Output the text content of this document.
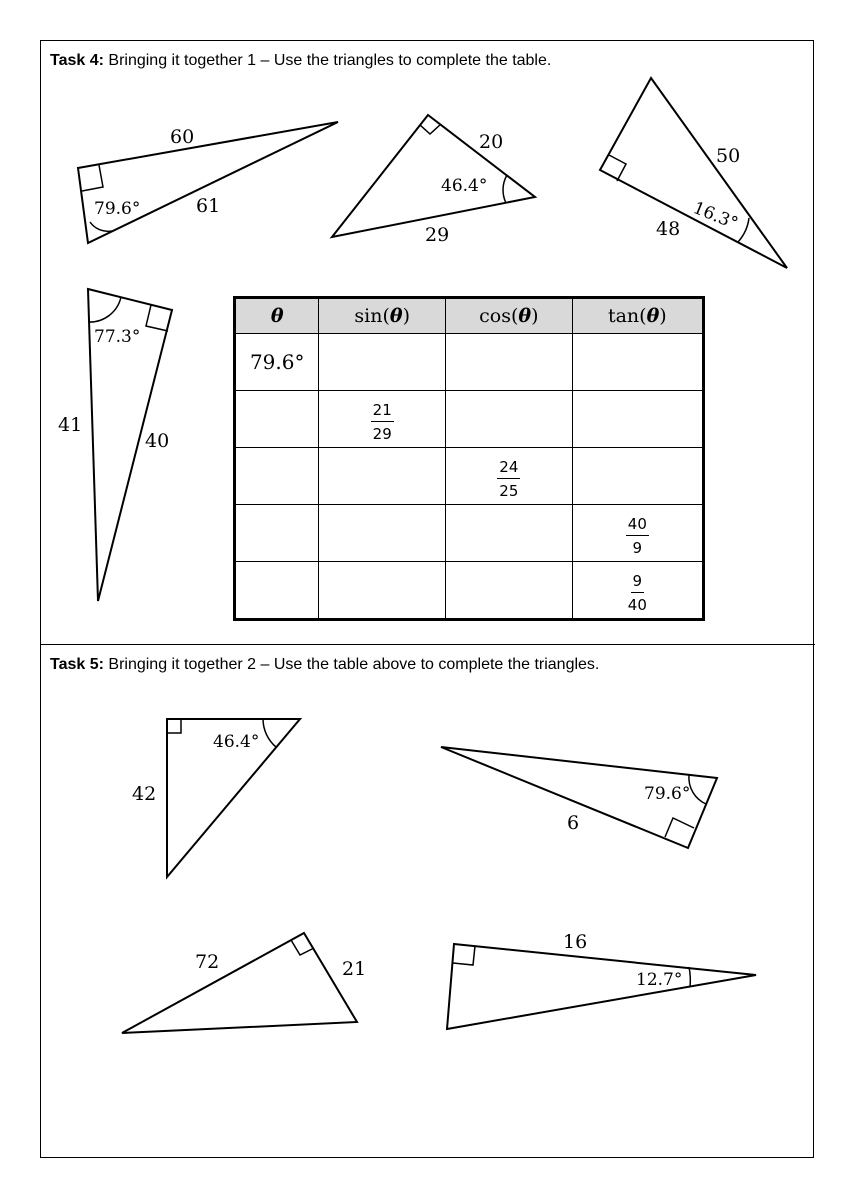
Task 4: Bringing it together 1 – Use the triangles to complete the table.
Task 5: Bringing it together 2 – Use the table above to complete the triangles.
60
61
79.6°
20
29
46.4°
50
48 16.3°
41
40
77.3°
42
46.4°
6
79.6°
72	21
16
12.7°
θ	sin(θ)	cos(θ)	tan(θ)
79.6°			

	$\frac{21}{29}$

		$\frac{24}{25}$

			$\frac{40}{9}$

			$\frac{9}{40}$
